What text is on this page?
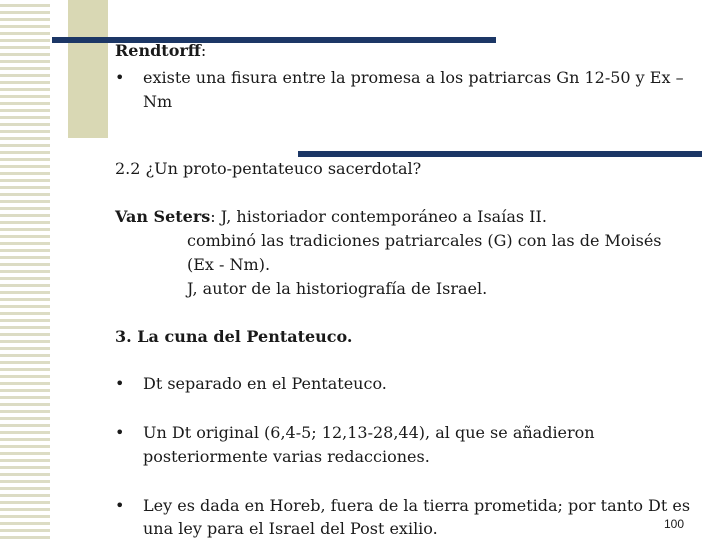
Rendtorff:
• existe una fisura entre la promesa a los patriarcas Gn 12-50 y Ex –
Nm
2.2 ¿Un proto-pentateuco sacerdotal?
Van Seters: J, historiador contemporáneo a Isaías II.
combinó las tradiciones patriarcales (G) con las de Moisés
(Ex - Nm).
J, autor de la historiografía de Israel.
3. La cuna del Pentateuco.
• Dt separado en el Pentateuco.
• Un Dt original (6,4-5; 12,13-28,44), al que se añadieron
posteriormente varias redacciones.
• Ley es dada en Horeb, fuera de la tierra prometida; por tanto Dt es
una ley para el Israel del Post exilio.	100
